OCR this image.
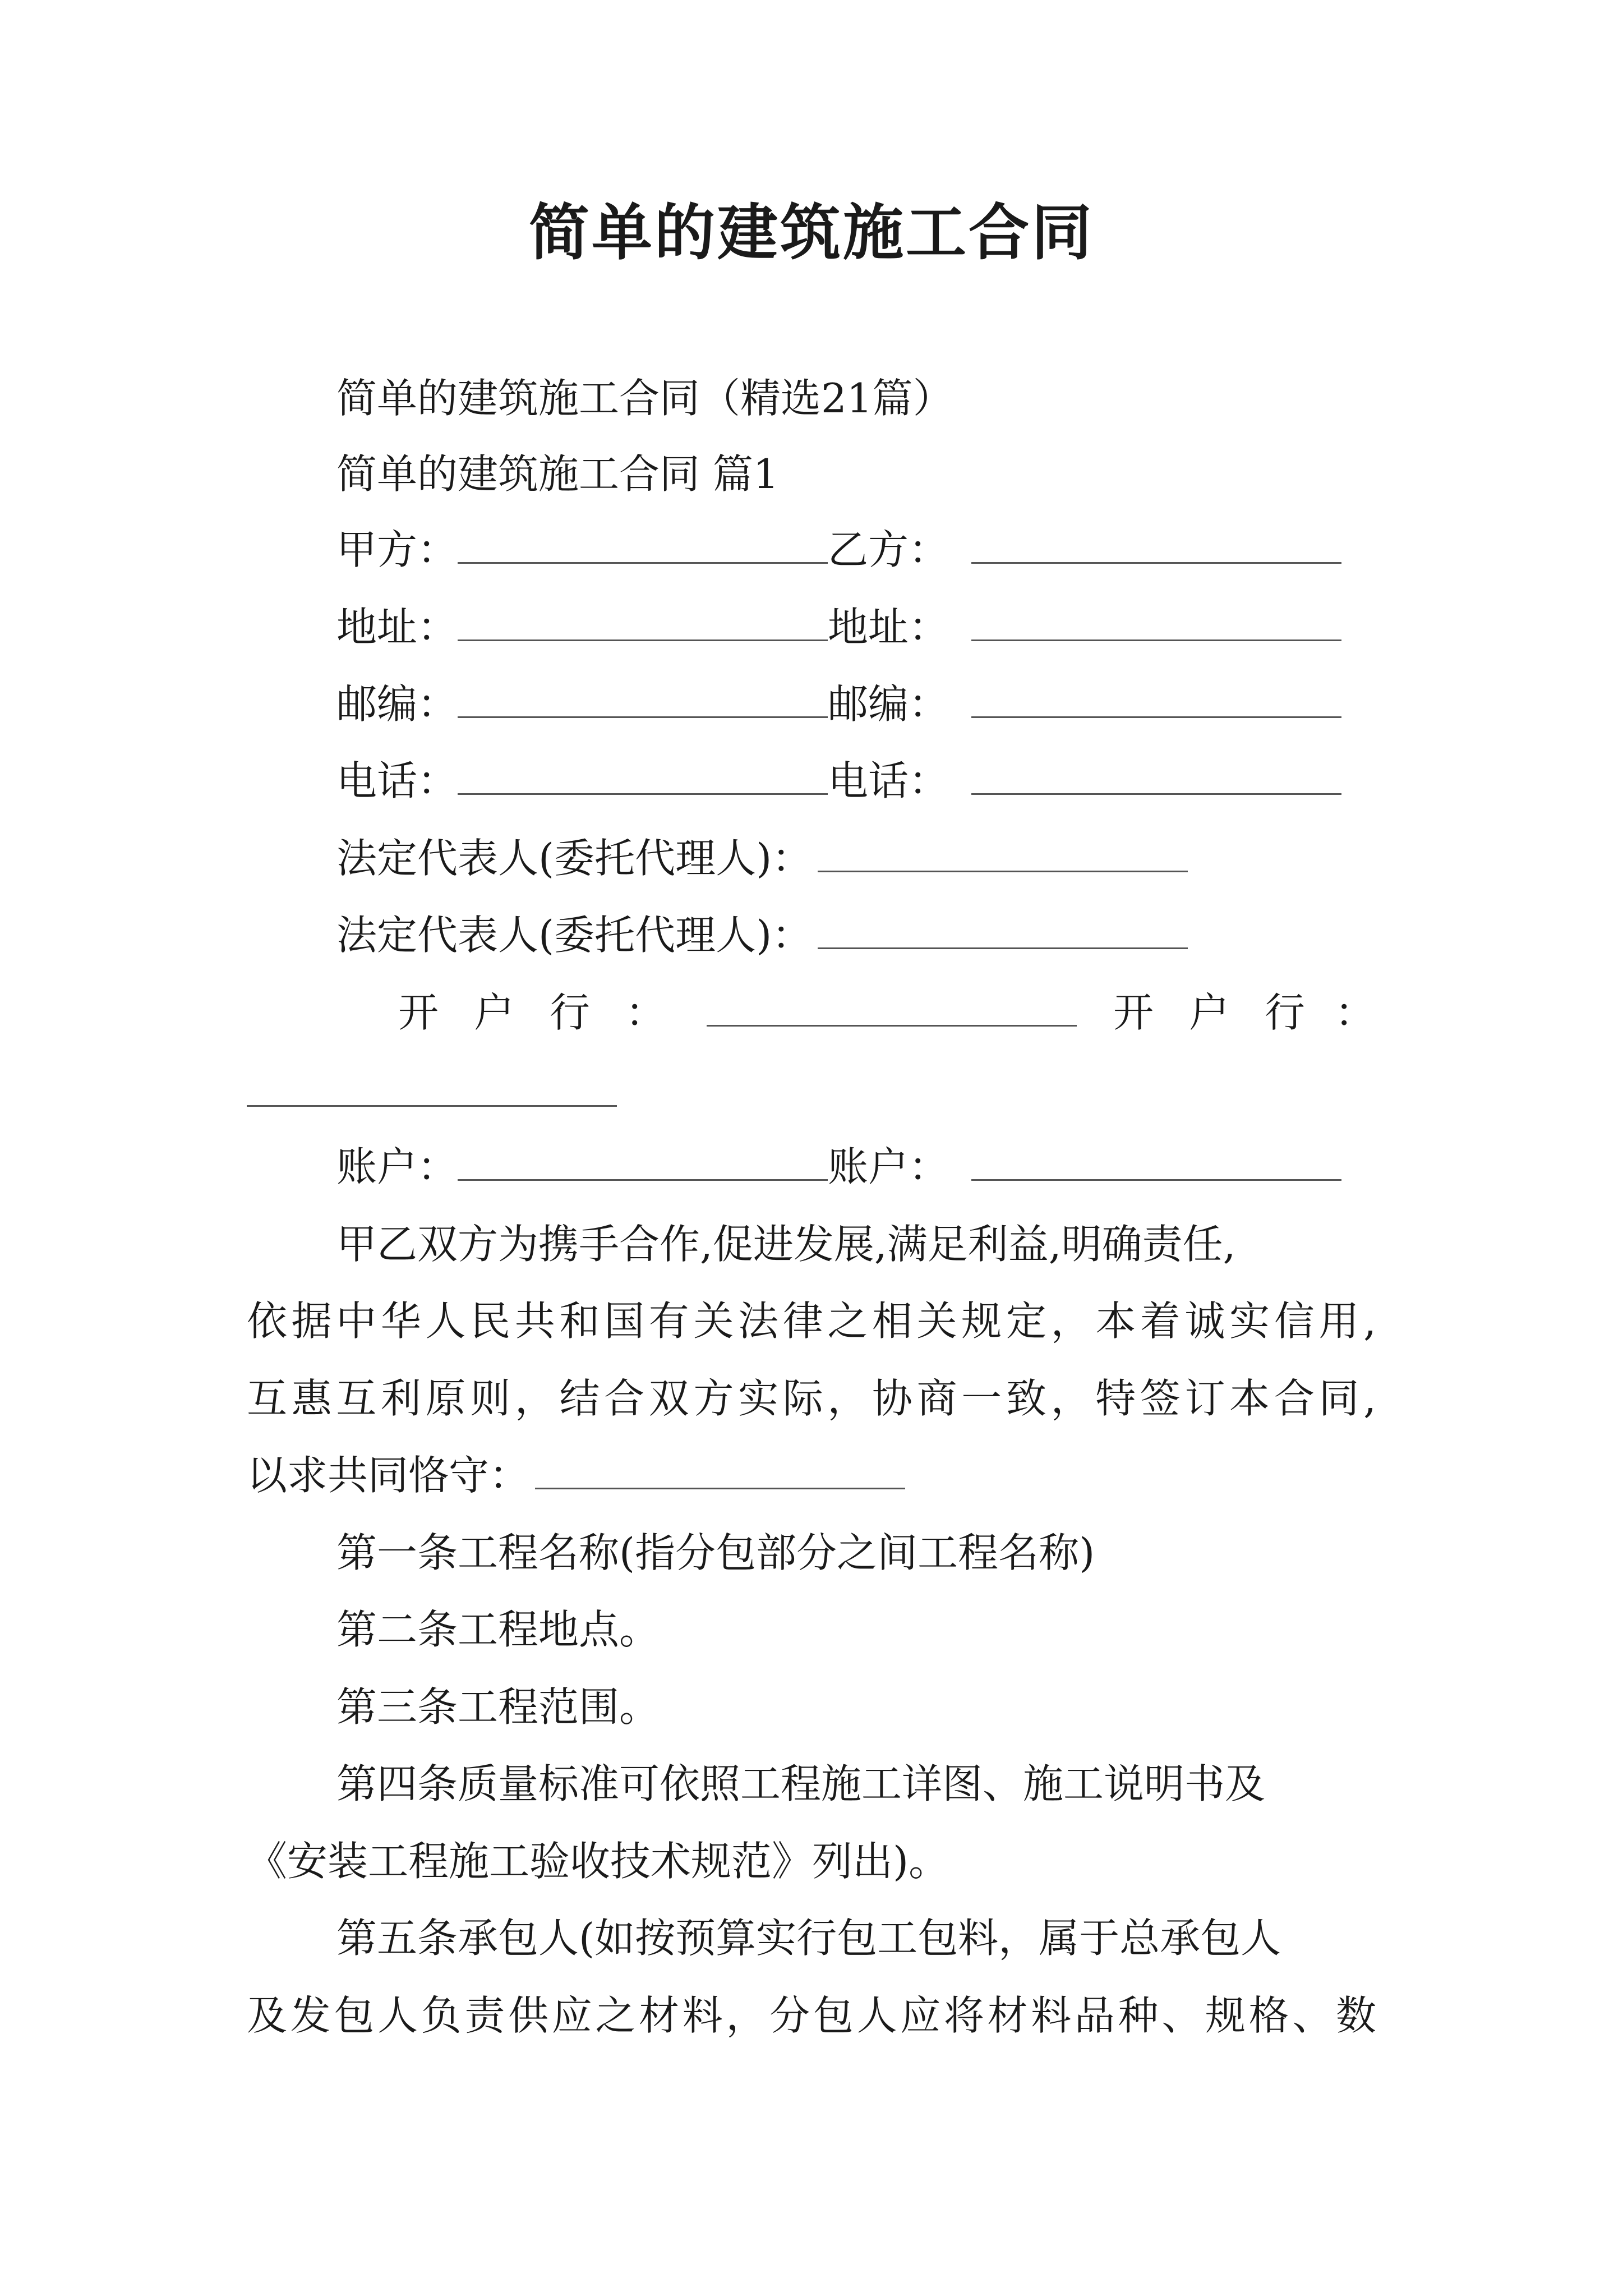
简单的建筑施工合同
简单的建筑施工合同（精选21篇）
简单的建筑施工合同 篇1
甲方：	乙方：
地址：	地址：
邮编：	邮编：
电话：	电话：
法定代表人(委托代理人)：
法定代表人(委托代理人)：
开 户 行 ：	开 户 行 ：
账户：	账户：
甲乙双方为携手合作,促进发展,满足利益,明确责任,
依据中华人民共和国有关法律之相关规定，本着诚实信用,
互惠互利原则，结合双方实际，协商一致，特签订本合同,
以求共同恪守：
第一条工程名称(指分包部分之间工程名称)
第二条工程地点。
第三条工程范围。
第四条质量标准可依照工程施工详图、施工说明书及
《安装工程施工验收技术规范》列出)。
第五条承包人(如按预算实行包工包料，属于总承包人
及发包人负责供应之材料，分包人应将材料品种、规格、数
